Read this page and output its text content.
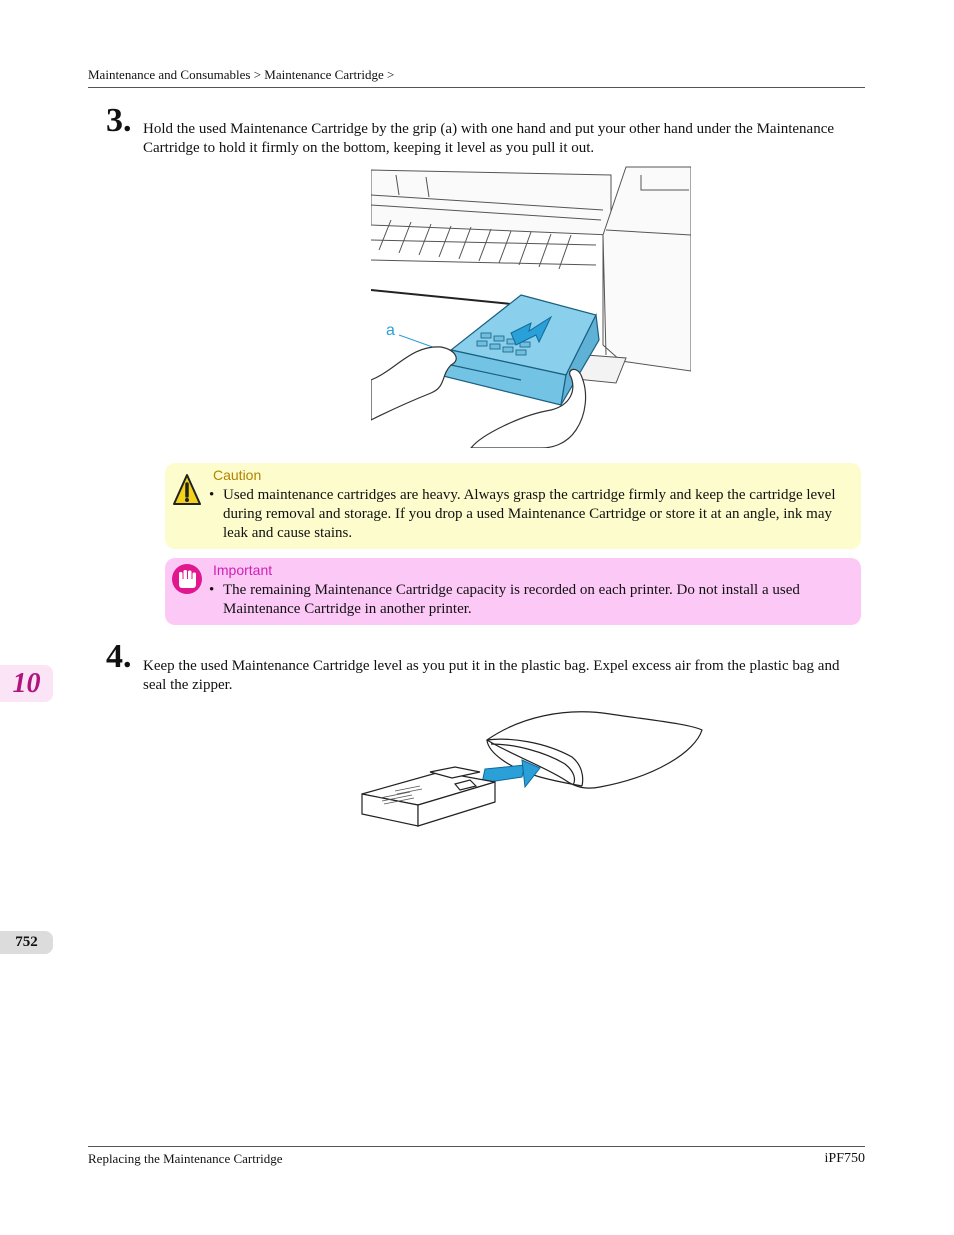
Maintenance and Consumables > Maintenance Cartridge >
3. Hold the used Maintenance Cartridge by the grip (a) with one hand and put your other hand under the Maintenance Cartridge to hold it firmly on the bottom, keeping it level as you pull it out.
a
Caution
• Used maintenance cartridges are heavy. Always grasp the cartridge firmly and keep the cartridge level during removal and storage. If you drop a used Maintenance Cartridge or store it at an angle, ink may leak and cause stains.
Important
• The remaining Maintenance Cartridge capacity is recorded on each printer. Do not install a used Maintenance Cartridge in another printer.
10
4. Keep the used Maintenance Cartridge level as you put it in the plastic bag. Expel excess air from the plastic bag and seal the zipper.
752
Replacing the Maintenance Cartridge	iPF750
